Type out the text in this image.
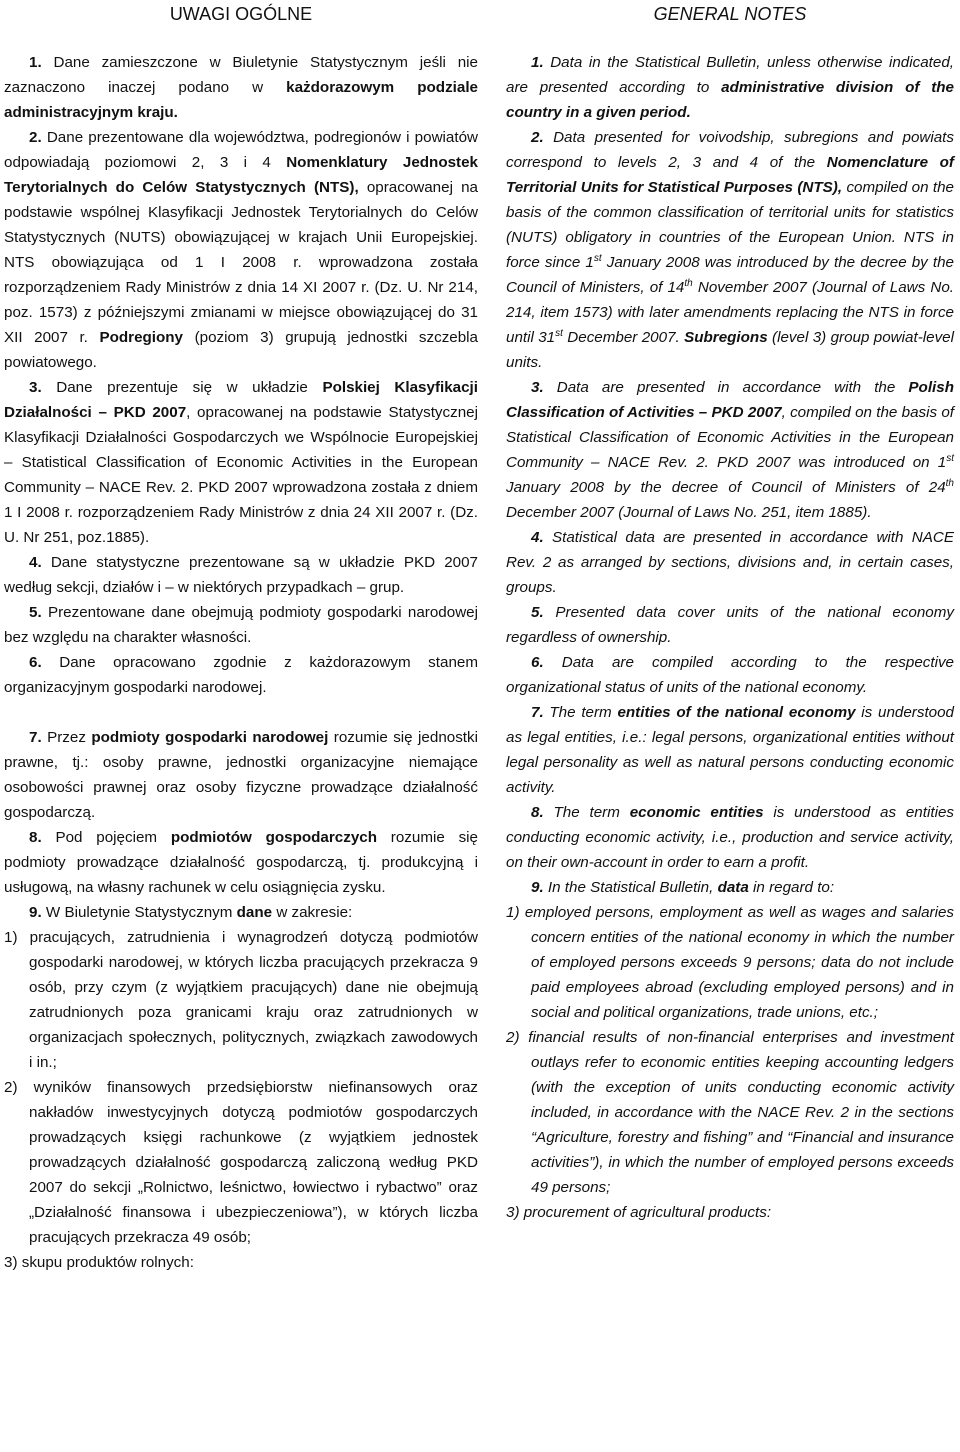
UWAGI OGÓLNE

1. Dane zamieszczone w Biuletynie Statystycznym jeśli nie zaznaczono inaczej podano w każdorazowym podziale administracyjnym kraju.

2. Dane prezentowane dla województwa, podregionów i powiatów odpowiadają poziomowi 2, 3 i 4 Nomenklatury Jednostek Terytorialnych do Celów Statystycznych (NTS), opracowanej na podstawie wspólnej Klasyfikacji Jednostek Terytorialnych do Celów Statystycznych (NUTS) obowiązującej w krajach Unii Europejskiej. NTS obowiązująca od 1 I 2008 r. wprowadzona została rozporządzeniem Rady Ministrów z dnia 14 XI 2007 r. (Dz. U. Nr 214, poz. 1573) z późniejszymi zmianami w miejsce obowiązującej do 31 XII 2007 r. Podregiony (poziom 3) grupują jednostki szczebla powiatowego.

3. Dane prezentuje się w układzie Polskiej Klasyfikacji Działalności – PKD 2007, opracowanej na podstawie Statystycznej Klasyfikacji Działalności Gospodarczych we Wspólnocie Europejskiej – Statistical Classification of Economic Activities in the European Community – NACE Rev. 2. PKD 2007 wprowadzona została z dniem 1 I 2008 r. rozporządzeniem Rady Ministrów z dnia 24 XII 2007 r. (Dz. U. Nr 251, poz.1885).

4. Dane statystyczne prezentowane są w układzie PKD 2007 według sekcji, działów i – w niektórych przypadkach – grup.

5. Prezentowane dane obejmują podmioty gospodarki narodowej bez względu na charakter własności.

6. Dane opracowano zgodnie z każdorazowym stanem organizacyjnym gospodarki narodowej.

7. Przez podmioty gospodarki narodowej rozumie się jednostki prawne, tj.: osoby prawne, jednostki organizacyjne niemające osobowości prawnej oraz osoby fizyczne prowadzące działalność gospodarczą.

8. Pod pojęciem podmiotów gospodarczych rozumie się podmioty prowadzące działalność gospodarczą, tj. produkcyjną i usługową, na własny rachunek w celu osiągnięcia zysku.

9. W Biuletynie Statystycznym dane w zakresie:

1) pracujących, zatrudnienia i wynagrodzeń dotyczą podmiotów gospodarki narodowej, w których liczba pracujących przekracza 9 osób, przy czym (z wyjątkiem pracujących) dane nie obejmują zatrudnionych poza granicami kraju oraz zatrudnionych w organizacjach społecznych, politycznych, związkach zawodowych i in.;

2) wyników finansowych przedsiębiorstw niefinansowych oraz nakładów inwestycyjnych dotyczą podmiotów gospodarczych prowadzących księgi rachunkowe (z wyjątkiem jednostek prowadzących działalność gospodarczą zaliczoną według PKD 2007 do sekcji „Rolnictwo, leśnictwo, łowiectwo i rybactwo” oraz „Działalność finansowa i ubezpieczeniowa”), w których liczba pracujących przekracza 49 osób;

3) skupu produktów rolnych:

GENERAL NOTES

1. Data in the Statistical Bulletin, unless otherwise indicated, are presented according to administrative division of the country in a given period.

2. Data presented for voivodship, subregions and powiats correspond to levels 2, 3 and 4 of the Nomenclature of Territorial Units for Statistical Purposes (NTS), compiled on the basis of the common classification of territorial units for statistics (NUTS) obligatory in countries of the European Union. NTS in force since 1st January 2008 was introduced by the decree by the Council of Ministers, of 14th November 2007 (Journal of Laws No. 214, item 1573) with later amendments replacing the NTS in force until 31st December 2007. Subregions (level 3) group powiat-level units.

3. Data are presented in accordance with the Polish Classification of Activities – PKD 2007, compiled on the basis of Statistical Classification of Economic Activities in the European Community – NACE Rev. 2. PKD 2007 was introduced on 1st January 2008 by the decree of Council of Ministers of 24th December 2007 (Journal of Laws No. 251, item 1885).

4. Statistical data are presented in accordance with NACE Rev. 2 as arranged by sections, divisions and, in certain cases, groups.

5. Presented data cover units of the national economy regardless of ownership.

6. Data are compiled according to the respective organizational status of units of the national economy.

7. The term entities of the national economy is understood as legal entities, i.e.: legal persons, organizational entities without legal personality as well as natural persons conducting economic activity.

8. The term economic entities is understood as entities conducting economic activity, i.e., production and service activity, on their own-account in order to earn a profit.

9. In the Statistical Bulletin, data in regard to:

1) employed persons, employment as well as wages and salaries concern entities of the national economy in which the number of employed persons exceeds 9 persons; data do not include paid employees abroad (excluding employed persons) and in social and political organizations, trade unions, etc.;

2) financial results of non-financial enterprises and investment outlays refer to economic entities keeping accounting ledgers (with the exception of units conducting economic activity included, in accordance with the NACE Rev. 2 in the sections “Agriculture, forestry and fishing” and “Financial and insurance activities”), in which the number of employed persons exceeds 49 persons;

3) procurement of agricultural products:
